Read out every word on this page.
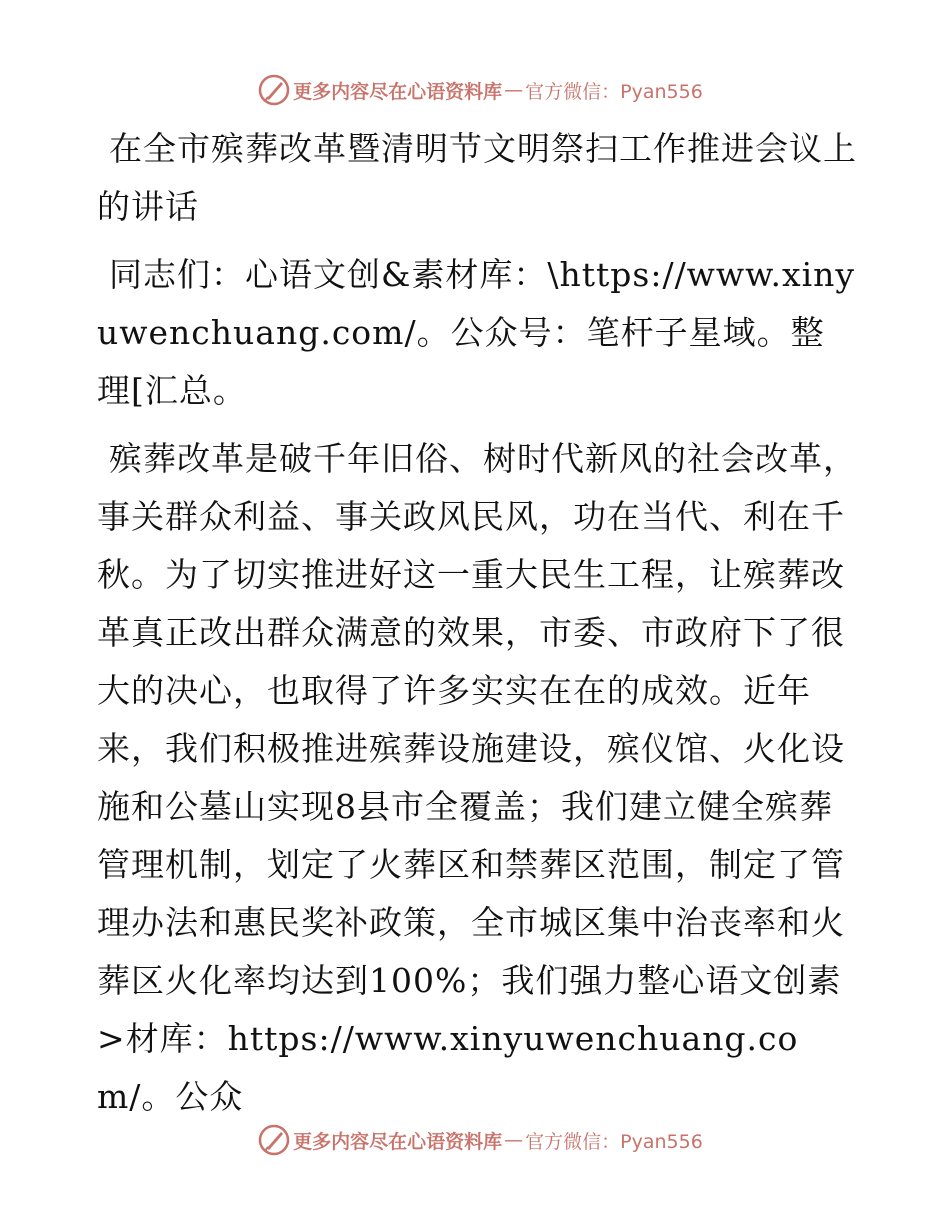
更多内容尽在心语资料库 — 官方微信：Pyan556

在全市殡葬改革暨清明节文明祭扫工作推进会议上的讲话

同志们：心语文创&素材库：\https://www.xinyuwenchuang.com/。公众号：笔杆子星域。整理[汇总。

殡葬改革是破千年旧俗、树时代新风的社会改革，事关群众利益、事关政风民风，功在当代、利在千秋。为了切实推进好这一重大民生工程，让殡葬改革真正改出群众满意的效果，市委、市政府下了很大的决心，也取得了许多实实在在的成效。近年来，我们积极推进殡葬设施建设，殡仪馆、火化设施和公墓山实现8县市全覆盖；我们建立健全殡葬管理机制，划定了火葬区和禁葬区范围，制定了管理办法和惠民奖补政策，全市城区集中治丧率和火葬区火化率均达到100%；我们强力整心语文创素>材库：https://www.xinyuwenchuang.com/。公众

更多内容尽在心语资料库 — 官方微信：Pyan556
